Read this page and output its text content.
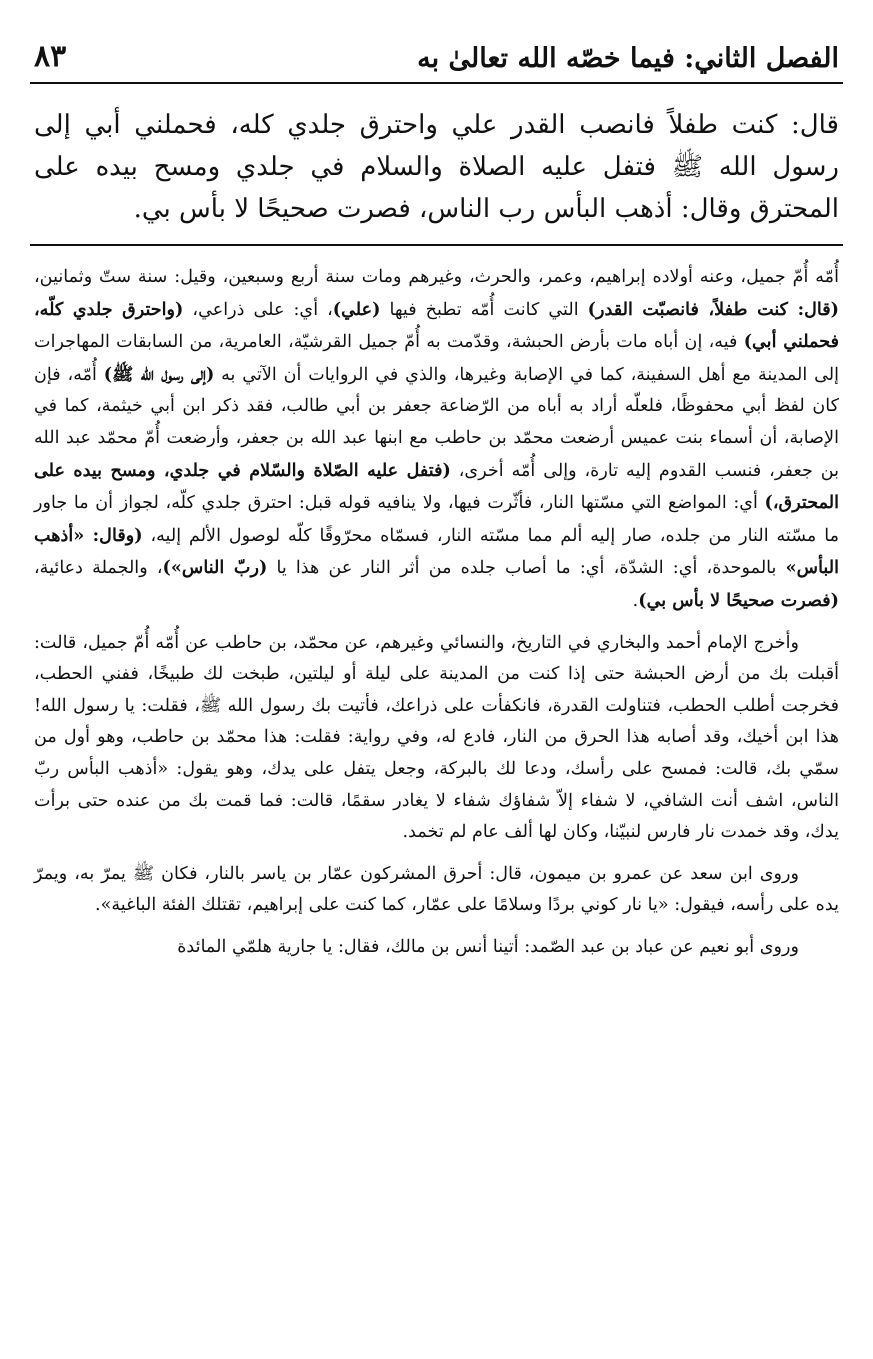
الفصل الثاني: فيما خصّه الله تعالىٰ به
٨٣
قال: كنت طفلاً فانصب القدر علي واحترق جلدي كله، فحملني أبي إلى رسول الله ﷺ فتفل عليه الصلاة والسلام في جلدي ومسح بيده على المحترق وقال: أذهب البأس رب الناس، فصرت صحيحًا لا بأس بي.

أُمّه أُمّ جميل، وعنه أولاده إبراهيم، وعمر، والحرث، وغيرهم ومات سنة أربع وسبعين، وقيل: سنة ستّ وثمانين، (قال: كنت طفلاً، فانصبّت القدر) التي كانت أُمّه تطبخ فيها (علي)، أي: على ذراعي، (واحترق جلدي كلّه، فحملني أبي) فيه، إن أباه مات بأرض الحبشة، وقدّمت به أُمّ جميل القرشيّة، العامرية، من السابقات المهاجرات إلى المدينة مع أهل السفينة، كما في الإصابة وغيرها، والذي في الروايات أن الآتي به (إلى رسول الله ﷺ) أُمّه، فإن كان لفظ أبي محفوظًا، فلعلّه أراد به أباه من الرّضاعة جعفر بن أبي طالب، فقد ذكر ابن أبي خيثمة، كما في الإصابة، أن أسماء بنت عميس أرضعت محمّد بن حاطب مع ابنها عبد الله بن جعفر، وأرضعت أُمّ محمّد عبد الله بن جعفر، فنسب القدوم إليه تارة، وإلى أُمّه أخرى، (فتفل عليه الصّلاة والسّلام في جلدي، ومسح بيده على المحترق،) أي: المواضع التي مسّتها النار، فأثّرت فيها، ولا ينافيه قوله قبل: احترق جلدي كلّه، لجواز أن ما جاور ما مسّته النار من جلده، صار إليه ألم مما مسّته النار، فسمّاه محرّوقًا كلّه لوصول الألم إليه، (وقال: «أذهب البأس» بالموحدة، أي: الشدّة، أي: ما أصاب جلده من أثر النار عن هذا يا (ربّ الناس»)، والجملة دعائية، (فصرت صحيحًا لا بأس بي).

وأخرج الإمام أحمد والبخاري في التاريخ، والنسائي وغيرهم، عن محمّد، بن حاطب عن أُمّه أُمّ جميل، قالت: أقبلت بك من أرض الحبشة حتى إذا كنت من المدينة على ليلة أو ليلتين، طبخت لك طبيخًا، ففني الحطب، فخرجت أطلب الحطب، فتناولت القدرة، فانكفأت على ذراعك، فأتيت بك رسول الله ﷺ، فقلت: يا رسول الله! هذا ابن أخيك، وقد أصابه هذا الحرق من النار، فادع له، وفي رواية: فقلت: هذا محمّد بن حاطب، وهو أول من سمّي بك، قالت: فمسح على رأسك، ودعا لك بالبركة، وجعل يتفل على يدك، وهو يقول: «أذهب البأس ربّ الناس، اشف أنت الشافي، لا شفاء إلاّ شفاؤك شفاء لا يغادر سقمًا، قالت: فما قمت بك من عنده حتى برأت يدك، وقد خمدت نار فارس لنبيّنا، وكان لها ألف عام لم تخمد.

وروى ابن سعد عن عمرو بن ميمون، قال: أحرق المشركون عمّار بن ياسر بالنار، فكان ﷺ يمرّ به، ويمرّ يده على رأسه، فيقول: «يا نار كوني بردًا وسلامًا على عمّار، كما كنت على إبراهيم، تقتلك الفئة الباغية».

وروى أبو نعيم عن عباد بن عبد الصّمد: أتينا أنس بن مالك، فقال: يا جارية هلمّي المائدة
